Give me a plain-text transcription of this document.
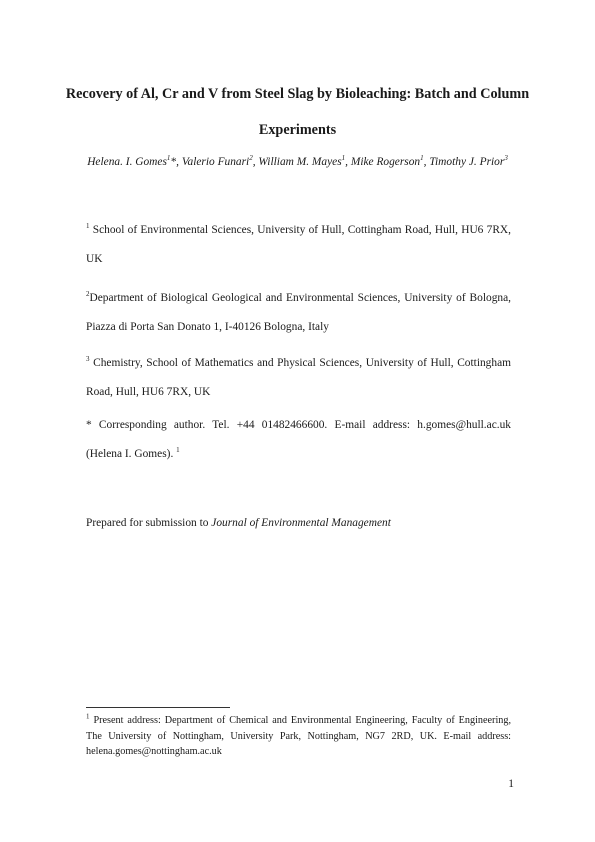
Recovery of Al, Cr and V from Steel Slag by Bioleaching: Batch and Column Experiments
Helena. I. Gomes$^1$*, Valerio Funari$^2$, William M. Mayes$^1$, Mike Rogerson$^1$, Timothy J. Prior$^3$
$^1$ School of Environmental Sciences, University of Hull, Cottingham Road, Hull, HU6 7RX, UK
$^2$Department of Biological Geological and Environmental Sciences, University of Bologna, Piazza di Porta San Donato 1, I-40126 Bologna, Italy
$^3$ Chemistry, School of Mathematics and Physical Sciences, University of Hull, Cottingham Road, Hull, HU6 7RX, UK
* Corresponding author. Tel. +44 01482466600. E-mail address: h.gomes@hull.ac.uk (Helena I. Gomes). $^1$
Prepared for submission to Journal of Environmental Management
$^1$ Present address: Department of Chemical and Environmental Engineering, Faculty of Engineering, The University of Nottingham, University Park, Nottingham, NG7 2RD, UK. E-mail address: helena.gomes@nottingham.ac.uk
1
